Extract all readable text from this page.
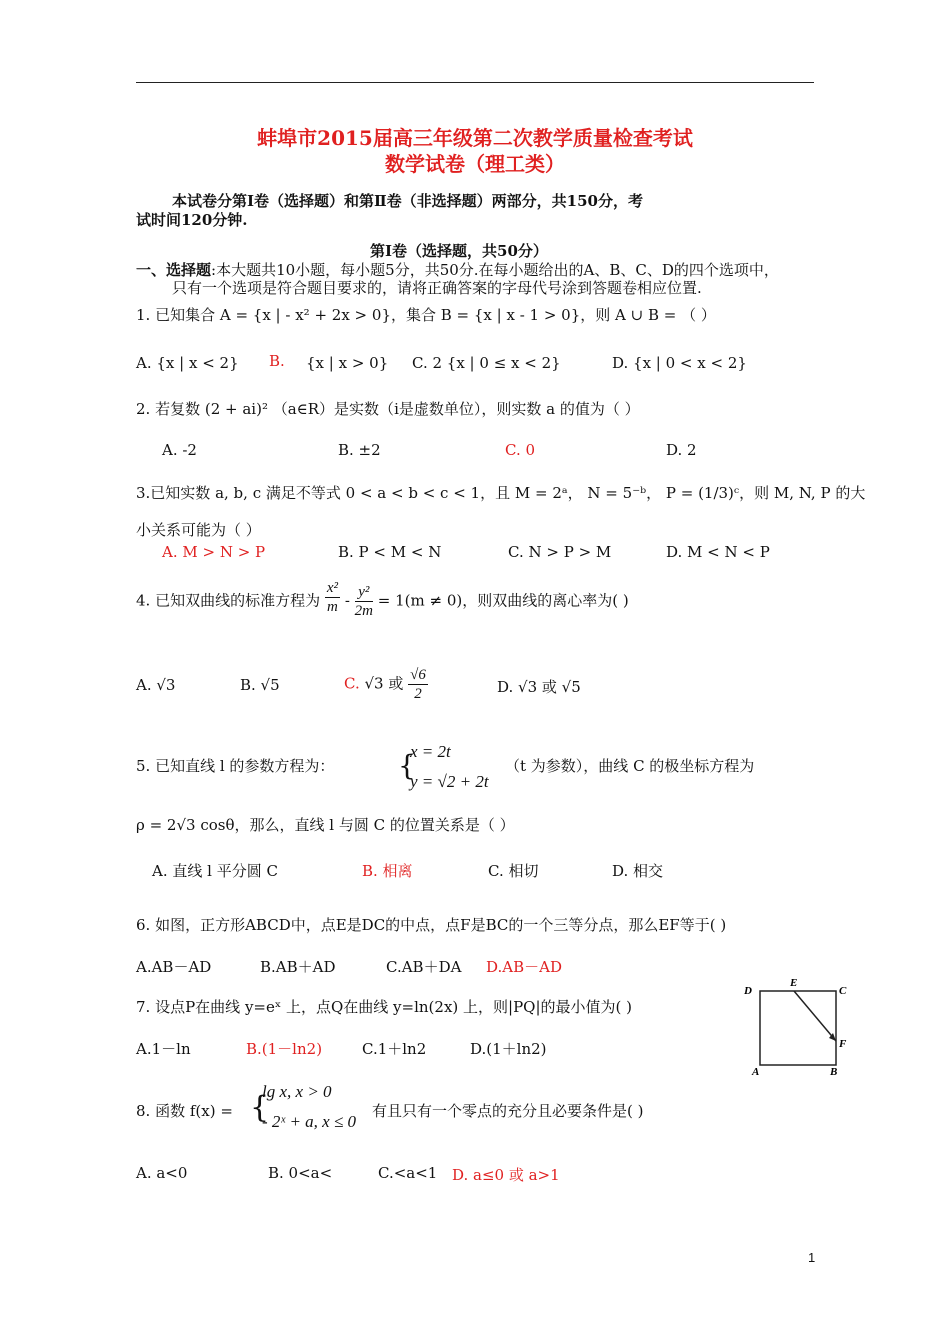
蚌埠市2015届高三年级第二次教学质量检查考试
数学试卷（理工类）
本试卷分第Ⅰ卷（选择题）和第Ⅱ卷（非选择题）两部分，共150分，考
试时间120分钟.
第Ⅰ卷（选择题，共50分）
一、选择题:本大题共10小题，每小题5分，共50分.在每小题给出的A、B、C、D的四个选项中，
只有一个选项是符合题目要求的，请将正确答案的字母代号涂到答题卷相应位置.
1. 已知集合 A = {x | - x² + 2x > 0}，集合 B = {x | x - 1 > 0}，则 A ∪ B = （ ）
A. {x | x < 2} B. {x | x > 0} C. 2 {x | 0 ≤ x < 2}	D. {x | 0 < x < 2}
2. 若复数 (2 + ai)² （a∈R）是实数（i是虚数单位），则实数 a 的值为（ ）
A. -2	B. ±2	C. 0	D. 2
3.已知实数 a, b, c 满足不等式 0 < a < b < c < 1，且 M = 2ᵃ， N = 5⁻ᵇ， P = (1/3)ᶜ，则 M, N, P 的大
小关系可能为（ ）
A. M > N > P	B. P < M < N	C. N > P > M	D. M < N < P
4. 已知双曲线的标准方程为 $\frac{\text{x²}}{m} - \frac{\text{y²}}{2m} = 1(m \ne 0)$，则双曲线的离心率为( )
A. √3	B. √5	C. √3 或 $\frac{√6}{2}$	D. √3 或 √5
5. 已知直线 l 的参数方程为： {
x = 2t
y = √2 + 2t
（t 为参数），曲线 C 的极坐标方程为
ρ = 2√3 cosθ，那么，直线 l 与圆 C 的位置关系是（ ）
A. 直线 l 平分圆 C	B. 相离	C. 相切	D. 相交
6. 如图，正方形ABCD中，点E是DC的中点，点F是BC的一个三等分点，那么EF等于( )
A.AB－AD	B.AB＋AD	C.AB＋DA D.AB－AD
7. 设点P在曲线 y=eˣ 上，点Q在曲线 y=ln(2x) 上，则|PQ|的最小值为( )
A.1－ln	B.(1－ln2)	C.1＋ln2	D.(1＋ln2)
D
E
C
F
A	B
8. 函数 f(x) = {
lg x, x > 0
- 2ˣ + a, x ≤ 0
有且只有一个零点的充分且必要条件是( )
A. a<0	B. 0<a<	C.<a<1 D. a≤0 或 a>1
1
